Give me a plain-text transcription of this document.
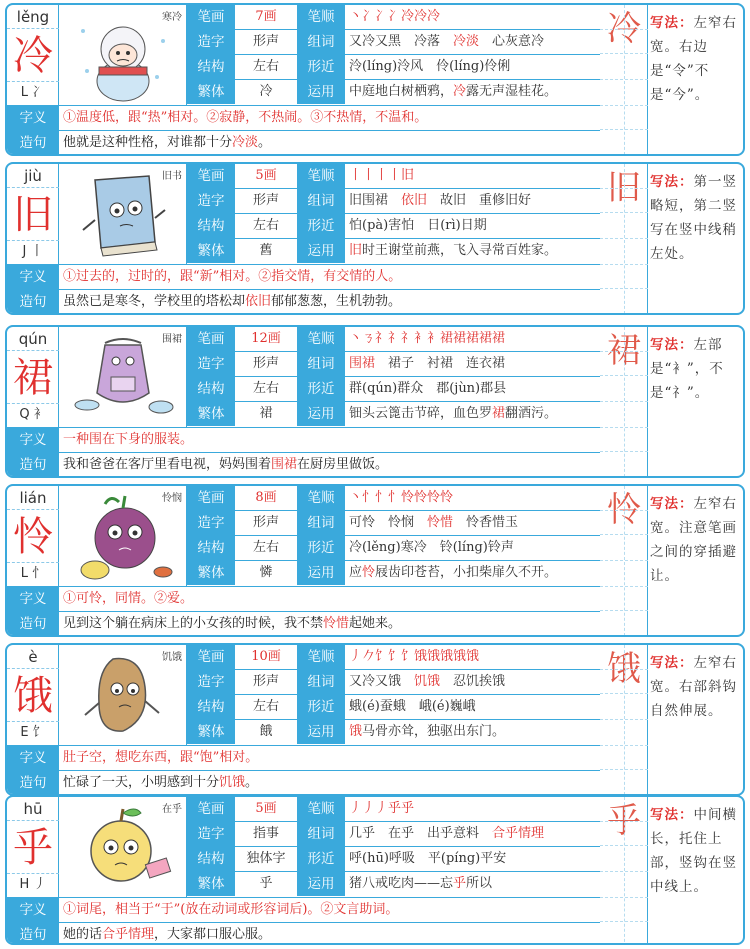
lěng
冷
L 冫
寒冷	笔画	7画	笔顺	丶冫冫冫冷冷冷
造字	形声	组词	又冷又黑　冷落　冷淡　心灰意冷
结构	左右	形近	泠(líng)泠风　伶(líng)伶俐
繁体	冷	运用	中庭地白树栖鸦，冷露无声湿桂花。
冷 写法：左窄右宽。右边是“令”不是“今”。
字义	①温度低，跟“热”相对。②寂静，不热闹。③不热情，不温和。
造句	他就是这种性格，对谁都十分冷淡。
jiù
旧
J 丨
旧书	笔画	5画	笔顺	丨丨丨丨旧
造字	形声	组词	旧围裙　依旧　故旧　重修旧好
结构	左右	形近	怕(pà)害怕　日(rì)日期
繁体	舊	运用	旧时王谢堂前燕，飞入寻常百姓家。
旧 写法：第一竖略短，第二竖写在竖中线稍左处。
字义	①过去的，过时的，跟“新”相对。②指交情，有交情的人。
造句	虽然已是寒冬，学校里的塔松却依旧郁郁葱葱，生机勃勃。
qún
裙
Q 衤
围裙	笔画	12画	笔顺	丶ㄋ礻礻礻衤衤裙裙裙裙裙
造字	形声	组词	围裙　裙子　衬裙　连衣裙
结构	左右	形近	群(qún)群众　郡(jùn)郡县
繁体	裙	运用	钿头云篦击节碎，血色罗裙翻酒污。
裙 写法：左部是“衤”，不是“礻”。
字义	一种围在下身的服装。
造句	我和爸爸在客厅里看电视，妈妈围着围裙在厨房里做饭。
lián
怜
L 忄
怜悯	笔画	8画	笔顺	丶忄忄忄怜怜怜怜
造字	形声	组词	可怜　怜悯　怜惜　怜香惜玉
结构	左右	形近	冷(lěng)寒冷　铃(líng)铃声
繁体	憐	运用	应怜屐齿印苍苔，小扣柴扉久不开。
怜 写法：左窄右宽。注意笔画之间的穿插避让。
字义	①可怜，同情。②爱。
造句	见到这个躺在病床上的小女孩的时候，我不禁怜惜起她来。
è
饿
E 饣
饥饿	笔画	10画	笔顺	丿𠂊饣饣饣饿饿饿饿饿
造字	形声	组词	又冷又饿　饥饿　忍饥挨饿
结构	左右	形近	蛾(é)蚕蛾　峨(é)巍峨
繁体	餓	运用	饿马骨亦耸，独驱出东门。
饿 写法：左窄右宽。右部斜钩自然伸展。
字义	肚子空，想吃东西，跟“饱”相对。
造句	忙碌了一天，小明感到十分饥饿。
hū
乎
H 丿
在乎	笔画	5画	笔顺	丿丿丿乎乎
造字	指事	组词	几乎　在乎　出乎意料　合乎情理
结构	独体字	形近	呼(hū)呼吸　平(píng)平安
繁体	乎	运用	猪八戒吃肉——忘乎所以
乎 写法：中间横长，托住上部，竖钩在竖中线上。
字义	①词尾，相当于“于”(放在动词或形容词后)。②文言助词。
造句	她的话合乎情理，大家都口服心服。
